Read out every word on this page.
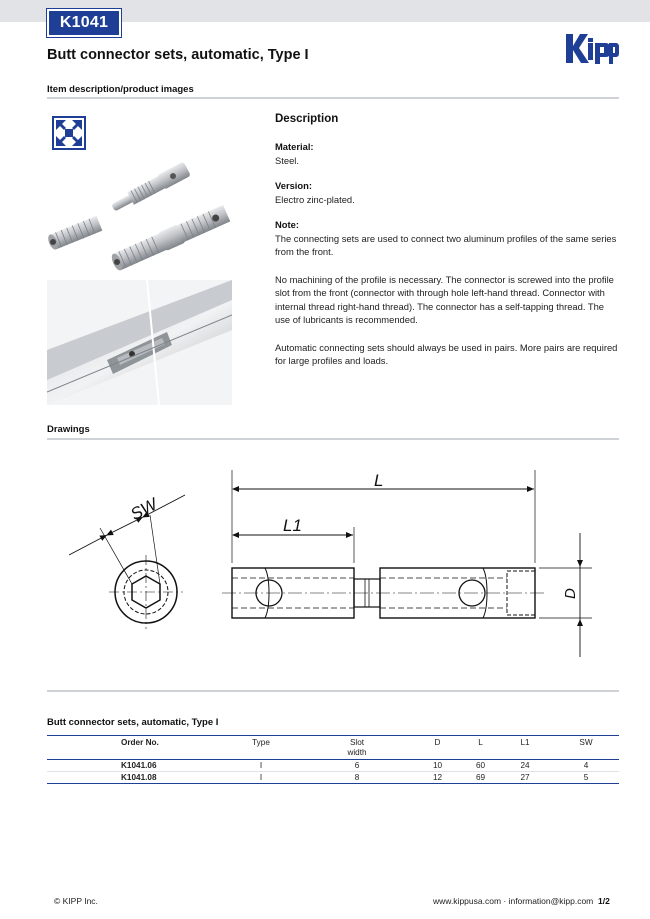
K1041
Butt connector sets, automatic, Type I
Item description/product images
Description
Material:
Steel.
Version:
Electro zinc-plated.
Note:
The connecting sets are used to connect two aluminum profiles of the same series from the front.
No machining of the profile is necessary. The connector is screwed into the profile slot from the front (connector with through hole left-hand thread. Connector with internal thread right-hand thread). The connector has a self-tapping thread. The use of lubricants is recommended.
Automatic connecting sets should always be used in pairs. More pairs are required for large profiles and loads.
Drawings
SW
L
L1
D
Butt connector sets, automatic, Type I
Order No.	Type	Slot width	D	L	L1	SW
K1041.06	I	6	10	60	24	4
K1041.08	I	8	12	69	27	5
© KIPP Inc.	www.kippusa.com · information@kipp.com 1/2
